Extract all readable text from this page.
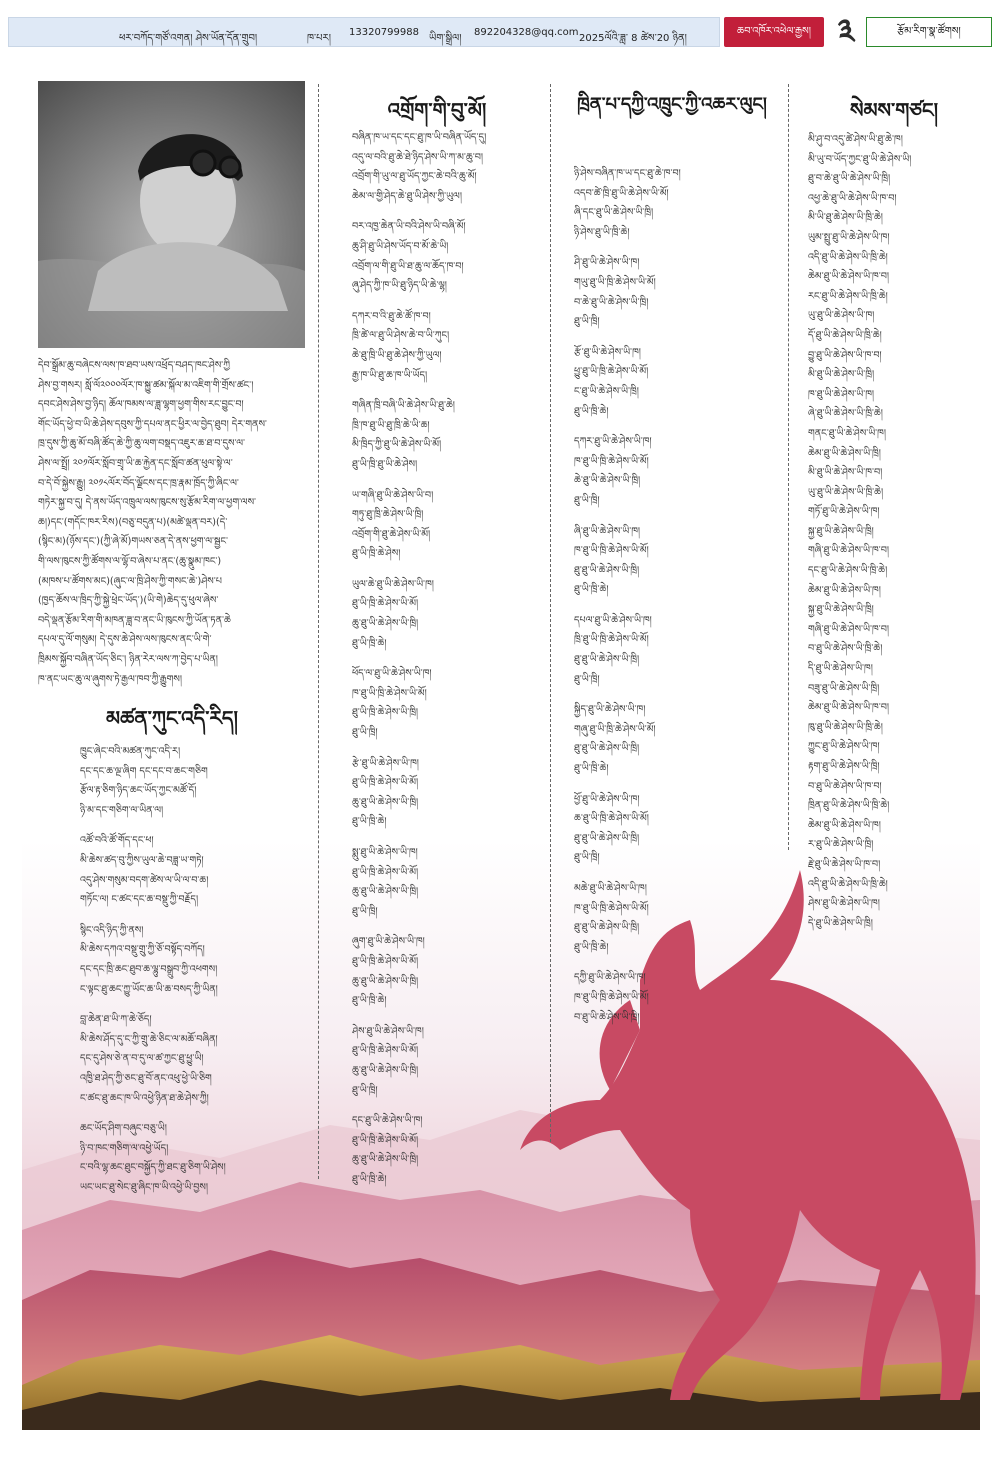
ཕར་བཀོད་གཙོ་འགན། ཤེས་ཡོན་དོན་གྲུབ།	ཁ་པར།
13320799988
ཡིག་སྒྲིལ།
892204328@qq.com
2025ལོའི་ཟླ་ 8 ཚེས་20 ཉིན།
ཆབ་འཁོར་འཕེལ་རྒྱས། ༣	རྩོམ་རིག་སྣ་ཚོགས།
དེབ་སྒྲོམ་ཆུ་བཞེངས་ལས་ཁ་ཐབ་ཡས་འཕྲོད་བཤད་ཁང་ཤེས་ཀྱི
ཤེས་བྱ་གསར། སློ་ལོ༢༠༠༠ལོར་ཁ་སྐྱུ་ཚམ་སྐོལ་མ་འཇིག་གི་གྲོས་ཚང་།
དབང་ཤེས་ཤེས་བྱ་ཉིད། ཆོལ་ཁམས་ལ་ཟླ་ལྷག་ཕྱག་གིས་རང་བྱུང་བ།
གོང་ཡོད་ཕྱེ་བ་ཡི་ཆེ་ཤེས་དབུས་ཀྱི་དཔལ་ནང་ཕྱིར་ལ་བྱེད་ཐུབ། དེར་གནས་
ཁྲ་དུས་ཀྱི་ཆུ་མོ་བཞི་ཚོད་ཆེ་ཀྱི་ཆུ་ལག་བསྡད་འཇུར་ཆ་ཐ་བ་དུས་ལ་
ཤེས་ལ་སྤྲོ། ༢༠༡ལོར་སློབ་གྲྭ་ཡི་ཆ་རྐྱེན་དང་སློབ་ཚན་ཕུལ་སྟེ་ལ་
བ་དེ་བོ་སྐྱེས་རྒྱུ། ༢༠༡༨ལོར་བོད་ལྗོངས་དང་ཁྲ་རྣམ་ཁྲོད་ཀྱི་ཞིང་ལ་
གཏེར་སྐྱ་བ་དུ། དེ་ནས་ཡོད་འཁྲུལ་ལས་ཁུངས་སུ་རྩོམ་རིག་ལ་ཕྱག་ལས་
ཆ།)དང་(གདོང་ཁར་རིས)(བཅུ་བདུན་པ)(མཚེ་ལྡན་བར)(དེ་
(སྙིང་མ)(ཉོས་དང་)(ཀྱི་ཞེ་མོ)གཡས་ཅན་དེ་ནས་ཕྱག་ལ་སྦྱང་
གི་ལས་ཁུངས་ཀྱི་ཚོགས་ལ་ལྷོ་བ་ཞེས་པ་ནང་(ཆུ་སྣུམ་ཁང་)
(མཁས་པ་ཚོགས་མང)(ཞུང་ལ་ཁྲི་ཤེས་ཀྱི་གསང་ཆེ་)ཤེས་པ
(ཁྱད་ཆོས་ལ་ཁྲིད་ཀྱི་སྐྱེ་ཕྲེང་ཡོད་)(ཡི་གེ)ཆེད་དུ་ཕུལ་ཞེས་
བདེ་ལྡན་རྩོམ་རིག་གི་མཁན་ཟླ་བ་ནང་ཡི་ཁུངས་ཀྱི་ཡོན་ཏན་ཆེ
དཔལ་དུ་ལོ་གསུམ། དེ་དུས་ཆེ་ཤེས་ལས་ཁུངས་ནང་ཡི་གེ་
ཁྲིམས་སྐྱོབ་བཞིན་ཡོད་ཅིང་། ཉིན་རེར་ལས་ཀ་བྱེད་པ་ཡིན།
ཁ་ནང་ཡང་ཆུ་ལ་ཞུགས་ཏེ་རྒྱལ་ཁབ་ཀྱི་རྒྱུགས།
མཚན་ཀུང་འདི་རིད།
ཁྱུང་ཞེང་བའི་མཚན་ཀུང་འདི་ར།
དང་དང་ཆ་ལྔ་ཞིག དང་དང་བ་ཆང་གཅིག
རྩོལ་རྟ་ཅིག་ཉིད་ཆང་ཡོད་ཀྱང་མཚོ་དོ།
ཉི་མ་དང་གཅིག་ལ་ཡིན་ལ།
འཚོ་བའི་ཚོ་གོད་དང་ཕ།
མི་ཆེས་ཚད་བུ་ཀྱིས་ཡུལ་ཆེ་བཟླ་ཡ་གཏེ།
འདུ་ཤེས་གསུམ་བདག་ཚེས་ལ་ཡི་ལ་བ་ཆ།
གཏོང་ལ། ང་ཚང་དང་ཆ་བསྡུ་ཀྱི་བརྗོད།
སྙིང་འདི་ཉིད་ཀྱི་ནས།
མི་ཆེས་དཀའ་བསྡུ་གྲུ་ཀྱི་ཅོ་བསྟོད་བཀོད།
དང་དང་ཁྲི་ཆང་ཐུབ་ཆ་ལྷུ་བསྒྲུབ་ཀྱི་འཕགས།
ང་ལྟང་ཐུ་ཆང་ཀྱུ་ཡོང་ཆ་ཡི་ཆ་བསད་ཀྱི་ཡིན།
བླ་ཆེན་ཐ་ཡི་ཀ་ཆེ་ཅོད།
མི་ཆེས་ཤོད་དུ་ང་ཀྱི་གྲུ་ཆེ་ཅིང་ལ་མཆོ་བཞིན།
དང་དུ་ཤེས་ཅེ་ན་བ་དུ་ལ་ཚ་ཀྱང་ཐུ་ཕྱུ་ཡི།
འཁྱི་ཐ་ཤེད་ཀྱི་ཅང་ཐུ་བོ་ནང་འཕུ་ཕྱེ་ཡི་ཅིག
ང་ཚང་ཐུ་ཆང་ཁ་ཡི་འཕྱེ་ཉིན་ཐ་ཆེ་ཤེས་ཀྱི།
ཆང་ཡོད་ཤིག་བཞུང་བཅུ་ཡི།
ཉི་བ་ཁང་གཅིག་ལ་འཕྱེ་ཡོད།
ང་བའི་ལྷ་ཆང་ཐུང་བསྐྱོད་ཀྱི་ཐང་ཐུ་ཅིག་ཡི་ཤེས།
ཡང་ཡང་ཐུ་སེང་ཐུ་ཞིང་ཁ་ཡི་འཕྱེ་ཡི་བྱས།
འགྲོག་གི་བུ་མོ།
བཞིན་ཁ་ཡ་དང་དང་ཐུ་ཁ་ཡི་བཞིན་ཡོད་དུ།
འདུ་ལ་བའི་ཐུ་ཆེ་ཐེ་ཉིད་ཤེས་ཡི་ཀ་མ་ཆུ་བ།
འབྲོག་གི་ཡུ་ལ་ཐུ་ཡོད་ཀྱང་ཆེ་བའི་ཆུ་མོ།
ཆེམ་ལ་གྱི་ཤེད་ཆེ་ཐུ་ཡི་ཤེས་ཀྱི་ཡུལ།
བར་འཁྱ་ཆེན་ཡི་བའི་ཤེས་ཡི་བཞི་མོ།
ཆུ་ཤི་ཐུ་ཡི་ཤེས་ཡོད་བ་མོ་ཆེ་ཡི།
འབྲོག་ལ་གི་ཐུ་ཡི་ཐ་ཆུ་ལ་ཆོད་ཁ་བ།
ཞུ་ཤེད་ཀྱི་ཁ་ཡི་ཐུ་ཉིད་ཡི་ཆེ་ལྷ།
དཀར་བ་འི་ཐུ་ཆེ་ཚོ་ཁ་བ།
ཁྲི་ཚེ་ལ་ཐུ་ཡི་ཤེས་ཆེ་བ་ཡི་ཀུང།
ཆེ་ཐུ་ཁྲི་ཡི་ཐུ་ཆེ་ཤེས་ཀྱི་ཡུལ།
རྒྱ་ཁ་ཡི་ཐུ་ཆ་ཁ་ཡི་ཡོད།
གཞིན་ཁྲི་བཞི་ཡི་ཆེ་ཤེས་ཡི་ཐུ་ཆེ།
ཁྲི་ཁ་ཐུ་ཡི་ཐུ་ཁྲི་ཆེ་ཡི་ཆ།
མི་ཁྲིད་ཀྱི་ཐུ་ཡི་ཆེ་ཤེས་ཡི་མོ།
ཐུ་ཡི་ཁྲི་ཐུ་ཡི་ཆེ་ཤེས།
ཡ་གཞི་ཐུ་ཡི་ཆེ་ཤེས་ཡི་བ།
གཏུ་ཐུ་ཁྲི་ཆེ་ཤེས་ཡི་ཁྲི།
འབྲོག་གི་ཐུ་ཆེ་ཤེས་ཡི་མོ།
ཐུ་ཡི་ཁྲི་ཆེ་ཤེས།
ཡུལ་ཆེ་ཐུ་ཡི་ཆེ་ཤེས་ཡི་ཁ།
ཐུ་ཡི་ཁྲི་ཆེ་ཤེས་ཡི་མོ།
ཆུ་ཐུ་ཡི་ཆེ་ཤེས་ཡི་ཁྲི།
ཐུ་ཡི་ཁྲི་ཆེ།
ཕོད་ལ་ཐུ་ཡི་ཆེ་ཤེས་ཡི་ཁ།
ཁ་ཐུ་ཡི་ཁྲི་ཆེ་ཤེས་ཡི་མོ།
ཐུ་ཡི་ཁྲི་ཆེ་ཤེས་ཡི་ཁྲི།
ཐུ་ཡི་ཁྲི།
རྩེ་ཐུ་ཡི་ཆེ་ཤེས་ཡི་ཁ།
ཐུ་ཡི་ཁྲི་ཆེ་ཤེས་ཡི་མོ།
ཆུ་ཐུ་ཡི་ཆེ་ཤེས་ཡི་ཁྲི།
ཐུ་ཡི་ཁྲི་ཆེ།
སྨུ་ཐུ་ཡི་ཆེ་ཤེས་ཡི་ཁ།
ཐུ་ཡི་ཁྲི་ཆེ་ཤེས་ཡི་མོ།
ཆུ་ཐུ་ཡི་ཆེ་ཤེས་ཡི་ཁྲི།
ཐུ་ཡི་ཁྲི།
ཞུག་ཐུ་ཡི་ཆེ་ཤེས་ཡི་ཁ།
ཐུ་ཡི་ཁྲི་ཆེ་ཤེས་ཡི་མོ།
ཆུ་ཐུ་ཡི་ཆེ་ཤེས་ཡི་ཁྲི།
ཐུ་ཡི་ཁྲི་ཆེ།
ཤེས་ཐུ་ཡི་ཆེ་ཤེས་ཡི་ཁ།
ཐུ་ཡི་ཁྲི་ཆེ་ཤེས་ཡི་མོ།
ཆུ་ཐུ་ཡི་ཆེ་ཤེས་ཡི་ཁྲི།
ཐུ་ཡི་ཁྲི།
དང་ཐུ་ཡི་ཆེ་ཤེས་ཡི་ཁ།
ཐུ་ཡི་ཁྲི་ཆེ་ཤེས་ཡི་མོ།
ཆུ་ཐུ་ཡི་ཆེ་ཤེས་ཡི་ཁྲི།
ཐུ་ཡི་ཁྲི་ཆེ།
ཁྲིན་པ་དཀྱི་འཁྲུང་ཀྱི་འཆར་ལུང།
ཉི་ཤེས་བཞིན་ཁ་ཡ་དང་ཐུ་ཆེ་ཁ་བ།
འདབ་ཚེ་ཁྲི་ཐུ་ཡི་ཆེ་ཤེས་ཡི་མོ།
ཞི་དང་ཐུ་ཡི་ཆེ་ཤེས་ཡི་ཁྲི།
ཉི་ཤེས་ཐུ་ཡི་ཁྲི་ཆེ།
ཤི་ཐུ་ཡི་ཆེ་ཤེས་ཡི་ཁ།
གཡུ་ཐུ་ཡི་ཁྲི་ཆེ་ཤེས་ཡི་མོ།
བ་ཆེ་ཐུ་ཡི་ཆེ་ཤེས་ཡི་ཁྲི།
ཐུ་ཡི་ཁྲི།
རྩོ་ཐུ་ཡི་ཆེ་ཤེས་ཡི་ཁ།
ཕྱུ་ཐུ་ཡི་ཁྲི་ཆེ་ཤེས་ཡི་མོ།
ང་ཐུ་ཡི་ཆེ་ཤེས་ཡི་ཁྲི།
ཐུ་ཡི་ཁྲི་ཆེ།
དཀར་ཐུ་ཡི་ཆེ་ཤེས་ཡི་ཁ།
ཁ་ཐུ་ཡི་ཁྲི་ཆེ་ཤེས་ཡི་མོ།
ཆེ་ཐུ་ཡི་ཆེ་ཤེས་ཡི་ཁྲི།
ཐུ་ཡི་ཁྲི།
ཞི་ཐུ་ཡི་ཆེ་ཤེས་ཡི་ཁ།
ཁ་ཐུ་ཡི་ཁྲི་ཆེ་ཤེས་ཡི་མོ།
ཐུ་ཐུ་ཡི་ཆེ་ཤེས་ཡི་ཁྲི།
ཐུ་ཡི་ཁྲི་ཆེ།
དཔལ་ཐུ་ཡི་ཆེ་ཤེས་ཡི་ཁ།
ཁྲི་ཐུ་ཡི་ཁྲི་ཆེ་ཤེས་ཡི་མོ།
ཐུ་ཐུ་ཡི་ཆེ་ཤེས་ཡི་ཁྲི།
ཐུ་ཡི་ཁྲི།
སྐྱིད་ཐུ་ཡི་ཆེ་ཤེས་ཡི་ཁ།
གཞུ་ཐུ་ཡི་ཁྲི་ཆེ་ཤེས་ཡི་མོ།
ཐུ་ཐུ་ཡི་ཆེ་ཤེས་ཡི་ཁྲི།
ཐུ་ཡི་ཁྲི་ཆེ།
ཕྱོ་ཐུ་ཡི་ཆེ་ཤེས་ཡི་ཁ།
ཆ་ཐུ་ཡི་ཁྲི་ཆེ་ཤེས་ཡི་མོ།
ཐུ་ཐུ་ཡི་ཆེ་ཤེས་ཡི་ཁྲི།
ཐུ་ཡི་ཁྲི།
མཆེ་ཐུ་ཡི་ཆེ་ཤེས་ཡི་ཁ།
ཁ་ཐུ་ཡི་ཁྲི་ཆེ་ཤེས་ཡི་མོ།
ཐུ་ཐུ་ཡི་ཆེ་ཤེས་ཡི་ཁྲི།
ཐུ་ཡི་ཁྲི་ཆེ།
དཀྱི་ཐུ་ཡི་ཆེ་ཤེས་ཡི་ཁ།
ཁ་ཐུ་ཡི་ཁྲི་ཆེ་ཤེས་ཡི་མོ།
བ་ཐུ་ཡི་ཆེ་ཤེས་ཡི་ཁྲི།
སེམས་གཙང།
མི་ཤུ་བ་འདུ་ཚེ་ཤེས་ཡི་ཐུ་ཆེ་ཁ།
མི་ཡུ་བ་ཡོད་ཀྱང་ཐུ་ཡི་ཆེ་ཤེས་ཡི།
ཐུ་བ་ཆེ་ཐུ་ཡི་ཆེ་ཤེས་ཡི་ཁྲི།
འཕྱ་ཆེ་ཐུ་ཡི་ཆེ་ཤེས་ཡི་ཁ་བ།
མི་ཡི་ཐུ་ཆེ་ཤེས་ཡི་ཁྲི་ཆེ།
ཡུམ་སྤྲུ་ཐུ་ཡི་ཆེ་ཤེས་ཡི་ཁ།
འདི་ཐུ་ཡི་ཆེ་ཤེས་ཡི་ཁྲི་ཆེ།
ཆེམ་ཐུ་ཡི་ཆེ་ཤེས་ཡི་ཁ་བ།
རང་ཐུ་ཡི་ཆེ་ཤེས་ཡི་ཁྲི་ཆེ།
ཡུ་ཐུ་ཡི་ཆེ་ཤེས་ཡི་ཁ།
དོ་ཐུ་ཡི་ཆེ་ཤེས་ཡི་ཁྲི་ཆེ།
བྱུ་ཐུ་ཡི་ཆེ་ཤེས་ཡི་ཁ་བ།
མི་ཐུ་ཡི་ཆེ་ཤེས་ཡི་ཁྲི།
ཁ་ཐུ་ཡི་ཆེ་ཤེས་ཡི་ཁ།
ཞེ་ཐུ་ཡི་ཆེ་ཤེས་ཡི་ཁྲི་ཆེ།
གནང་ཐུ་ཡི་ཆེ་ཤེས་ཡི་ཁ།
ཆེམ་ཐུ་ཡི་ཆེ་ཤེས་ཡི་ཁྲི།
མི་ཐུ་ཡི་ཆེ་ཤེས་ཡི་ཁ་བ།
ཡུ་ཐུ་ཡི་ཆེ་ཤེས་ཡི་ཁྲི་ཆེ།
གཏོ་ཐུ་ཡི་ཆེ་ཤེས་ཡི་ཁ།
སྐྱ་ཐུ་ཡི་ཆེ་ཤེས་ཡི་ཁྲི།
གཞི་ཐུ་ཡི་ཆེ་ཤེས་ཡི་ཁ་བ།
དང་ཐུ་ཡི་ཆེ་ཤེས་ཡི་ཁྲི་ཆེ།
ཆེམ་ཐུ་ཡི་ཆེ་ཤེས་ཡི་ཁ།
སྐྱ་ཐུ་ཡི་ཆེ་ཤེས་ཡི་ཁྲི།
གཞི་ཐུ་ཡི་ཆེ་ཤེས་ཡི་ཁ་བ།
བ་ཐུ་ཡི་ཆེ་ཤེས་ཡི་ཁྲི་ཆེ།
དི་ཐུ་ཡི་ཆེ་ཤེས་ཡི་ཁ།
བཟུ་ཐུ་ཡི་ཆེ་ཤེས་ཡི་ཁྲི།
ཆེམ་ཐུ་ཡི་ཆེ་ཤེས་ཡི་ཁ་བ།
ཁུ་ཐུ་ཡི་ཆེ་ཤེས་ཡི་ཁྲི་ཆེ།
ཀྱུང་ཐུ་ཡི་ཆེ་ཤེས་ཡི་ཁ།
རྟག་ཐུ་ཡི་ཆེ་ཤེས་ཡི་ཁྲི།
བ་ཐུ་ཡི་ཆེ་ཤེས་ཡི་ཁ་བ།
ཁྲིན་ཐུ་ཡི་ཆེ་ཤེས་ཡི་ཁྲི་ཆེ།
ཆེམ་ཐུ་ཡི་ཆེ་ཤེས་ཡི་ཁ།
ར་ཐུ་ཡི་ཆེ་ཤེས་ཡི་ཁྲི།
རྗེ་ཐུ་ཡི་ཆེ་ཤེས་ཡི་ཁ་བ།
འདི་ཐུ་ཡི་ཆེ་ཤེས་ཡི་ཁྲི་ཆེ།
ཤེས་ཐུ་ཡི་ཆེ་ཤེས་ཡི་ཁ།
དེ་ཐུ་ཡི་ཆེ་ཤེས་ཡི་ཁྲི།
